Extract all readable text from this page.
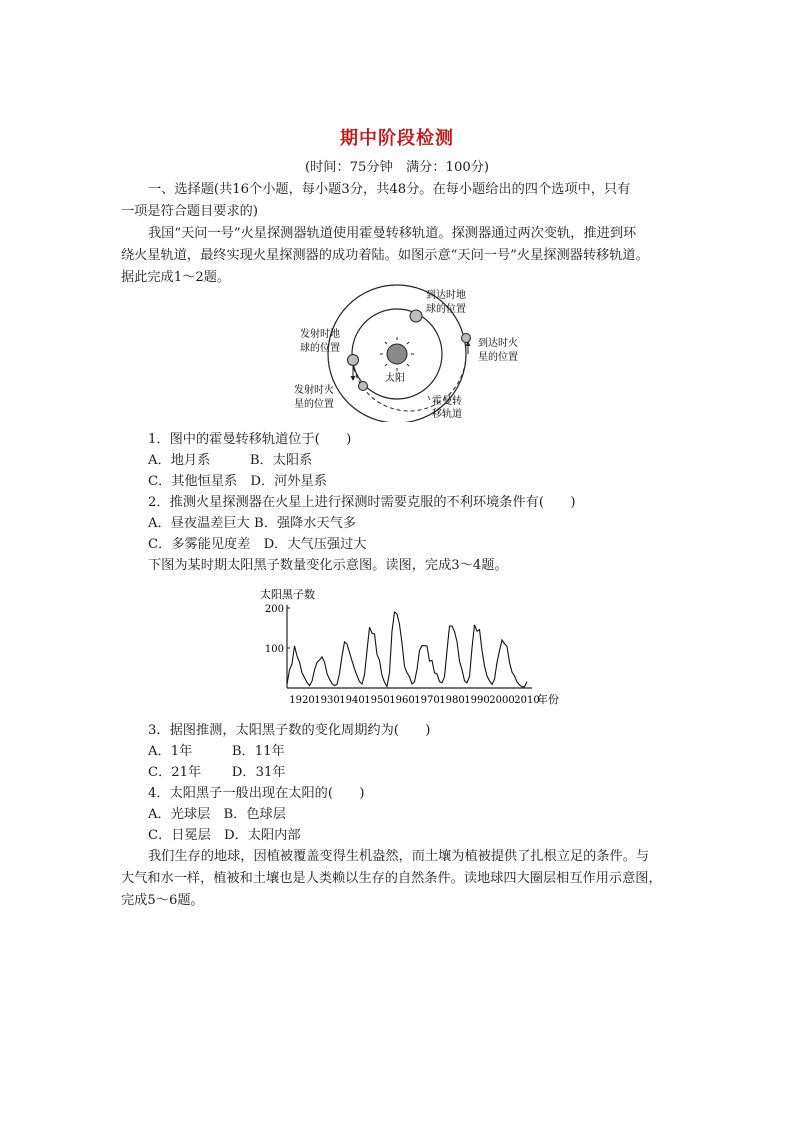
期中阶段检测
(时间：75分钟　满分：100分)
一、选择题(共16个小题，每小题3分，共48分。在每小题给出的四个选项中，只有
一项是符合题目要求的)
我国“天问一号”火星探测器轨道使用霍曼转移轨道。探测器通过两次变轨，推进到环
绕火星轨道，最终实现火星探测器的成功着陆。如图示意“天问一号”火星探测器转移轨道。
据此完成1～2题。
太阳
到达时地
球的位置
发射时地
球的位置	到达时火
星的位置
发射时火
星的位置	霍曼转
移轨道
1．图中的霍曼转移轨道位于(　　)
A．地月系　　　B．太阳系
C．其他恒星系　D．河外星系
2．推测火星探测器在火星上进行探测时需要克服的不利环境条件有(　　)
A．昼夜温差巨大 B．强降水天气多
C．多雾能见度差　D．大气压强过大
下图为某时期太阳黑子数量变化示意图。读图，完成3～4题。
太阳黑子数
200
100
1920 1930 1940 1950 1960 1970 1980 1990 2000 2010
年份
3．据图推测，太阳黑子数的变化周期约为(　　)
A．1年　　　B．11年
C．21年　　 D．31年
4．太阳黑子一般出现在太阳的(　　)
A．光球层　B．色球层
C．日冕层　D．太阳内部
我们生存的地球，因植被覆盖变得生机盎然，而土壤为植被提供了扎根立足的条件。与
大气和水一样，植被和土壤也是人类赖以生存的自然条件。读地球四大圈层相互作用示意图，
完成5～6题。
